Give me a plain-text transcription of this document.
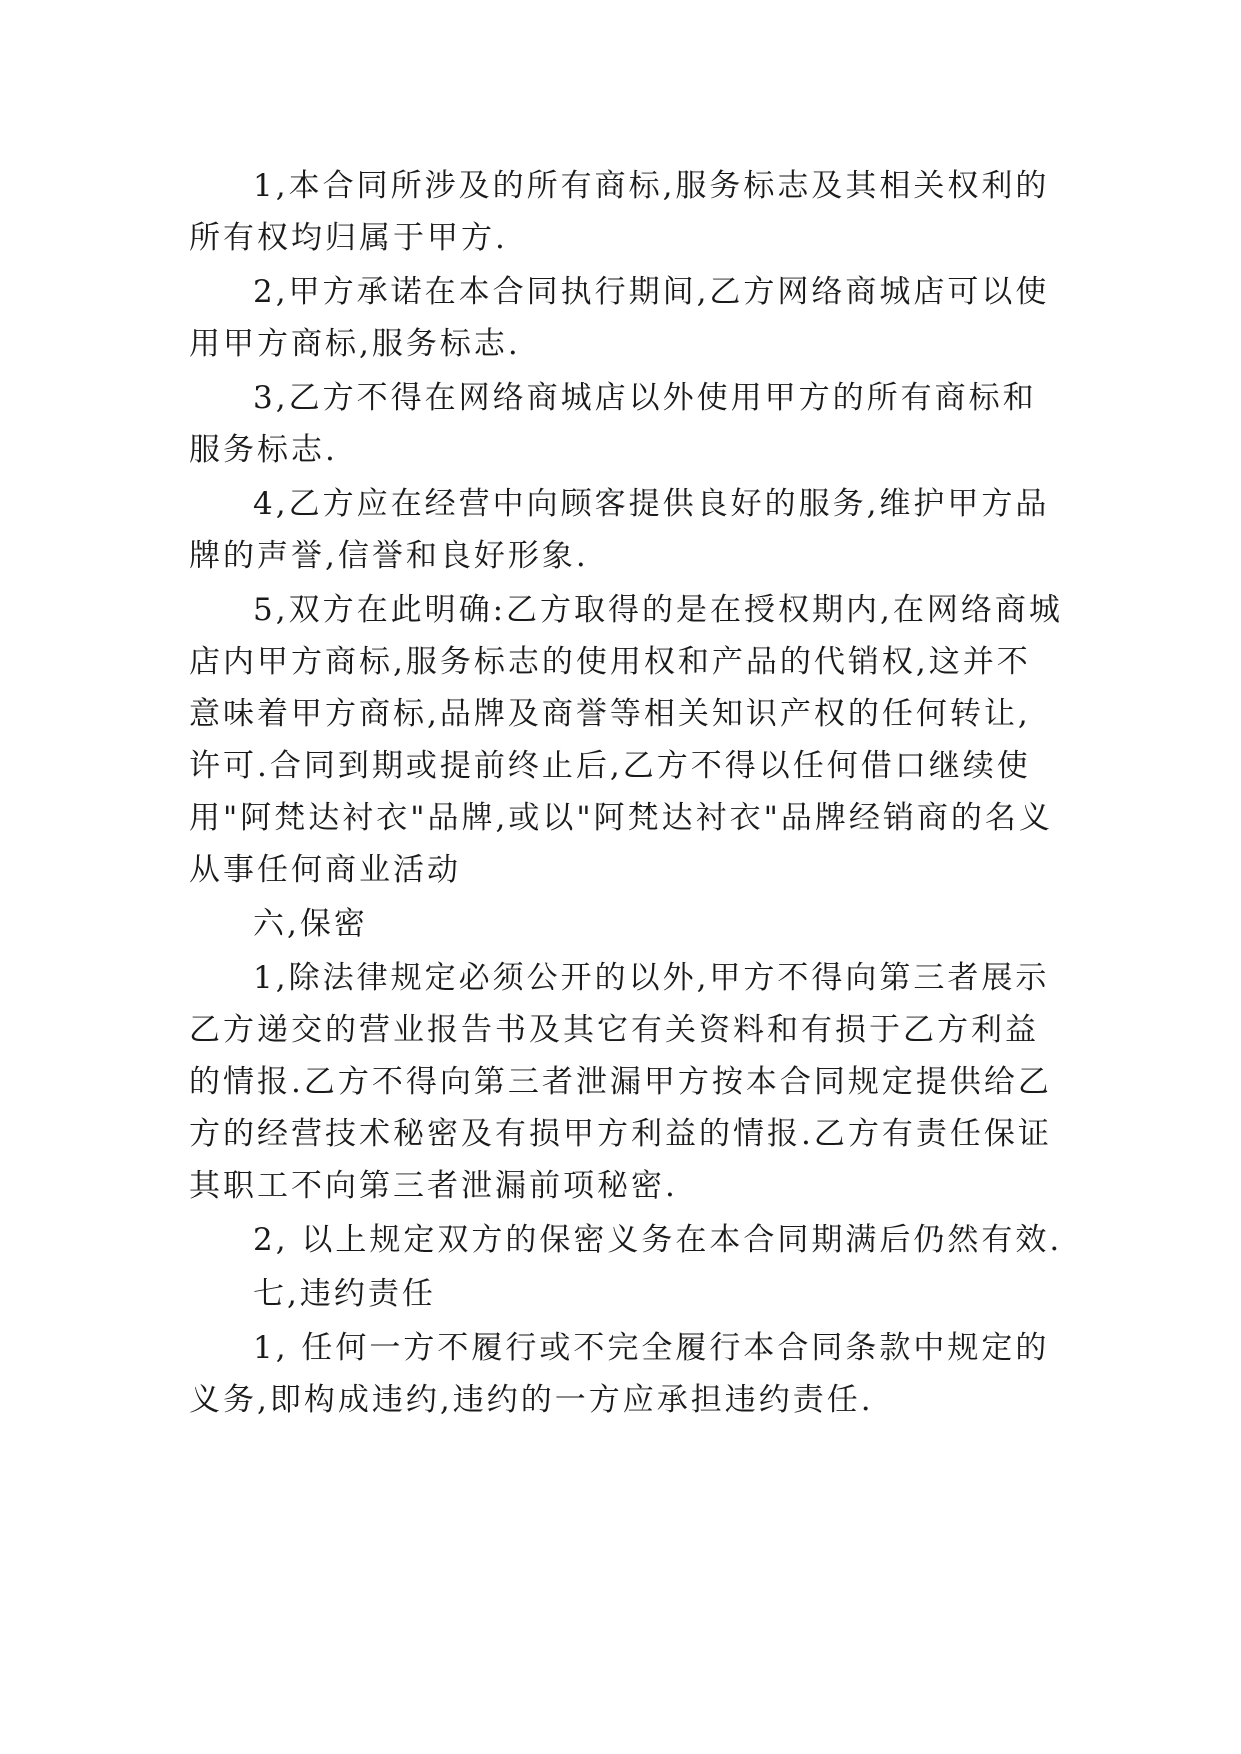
1,本合同所涉及的所有商标,服务标志及其相关权利的
所有权均归属于甲方.
2,甲方承诺在本合同执行期间,乙方网络商城店可以使
用甲方商标,服务标志.
3,乙方不得在网络商城店以外使用甲方的所有商标和
服务标志.
4,乙方应在经营中向顾客提供良好的服务,维护甲方品
牌的声誉,信誉和良好形象.
5,双方在此明确:乙方取得的是在授权期内,在网络商城
店内甲方商标,服务标志的使用权和产品的代销权,这并不
意味着甲方商标,品牌及商誉等相关知识产权的任何转让,
许可.合同到期或提前终止后,乙方不得以任何借口继续使
用"阿梵达衬衣"品牌,或以"阿梵达衬衣"品牌经销商的名义
从事任何商业活动
六,保密
1,除法律规定必须公开的以外,甲方不得向第三者展示
乙方递交的营业报告书及其它有关资料和有损于乙方利益
的情报.乙方不得向第三者泄漏甲方按本合同规定提供给乙
方的经营技术秘密及有损甲方利益的情报.乙方有责任保证
其职工不向第三者泄漏前项秘密.
2, 以上规定双方的保密义务在本合同期满后仍然有效.
七,违约责任
1, 任何一方不履行或不完全履行本合同条款中规定的
义务,即构成违约,违约的一方应承担违约责任.
